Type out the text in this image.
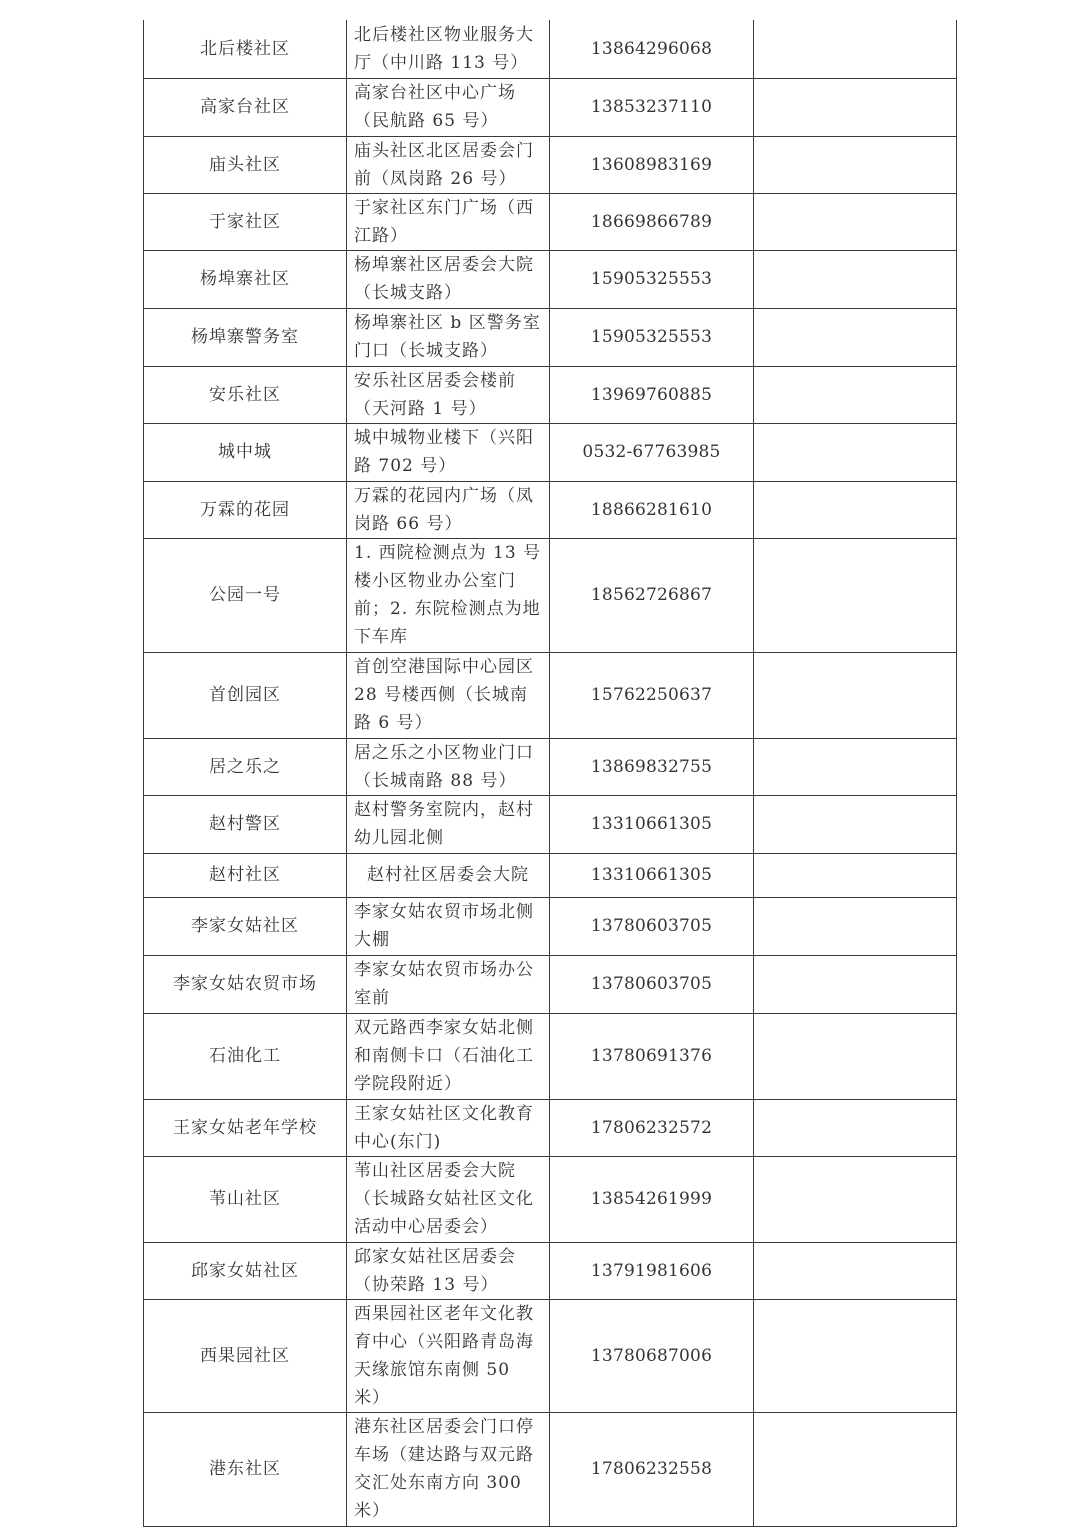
北后楼社区	北后楼社区物业服务大厅（中川路 113 号）	13864296068	
高家台社区	高家台社区中心广场（民航路 65 号）	13853237110	
庙头社区	庙头社区北区居委会门前（凤岗路 26 号）	13608983169	
于家社区	于家社区东门广场（西江路）	18669866789	
杨埠寨社区	杨埠寨社区居委会大院（长城支路）	15905325553	
杨埠寨警务室	杨埠寨社区 b 区警务室门口（长城支路）	15905325553	
安乐社区	安乐社区居委会楼前（天河路 1 号）	13969760885	
城中城	城中城物业楼下（兴阳路 702 号）	0532-67763985	
万霖的花园	万霖的花园内广场（凤岗路 66 号）	18866281610	
公园一号	1. 西院检测点为 13 号楼小区物业办公室门前；2. 东院检测点为地下车库	18562726867	
首创园区	首创空港国际中心园区 28 号楼西侧（长城南路 6 号）	15762250637	
居之乐之	居之乐之小区物业门口（长城南路 88 号）	13869832755	
赵村警区	赵村警务室院内，赵村幼儿园北侧	13310661305	
赵村社区	赵村社区居委会大院	13310661305	
李家女姑社区	李家女姑农贸市场北侧大棚	13780603705	
李家女姑农贸市场	李家女姑农贸市场办公室前	13780603705	
石油化工	双元路西李家女姑北侧和南侧卡口（石油化工学院段附近）	13780691376	
王家女姑老年学校	王家女姑社区文化教育中心(东门)	17806232572	
苇山社区	苇山社区居委会大院（长城路女姑社区文化活动中心居委会）	13854261999	
邱家女姑社区	邱家女姑社区居委会（协荣路 13 号）	13791981606	
西果园社区	西果园社区老年文化教育中心（兴阳路青岛海天缘旅馆东南侧 50 米）	13780687006	
港东社区	港东社区居委会门口停车场（建达路与双元路交汇处东南方向 300 米）	17806232558	
